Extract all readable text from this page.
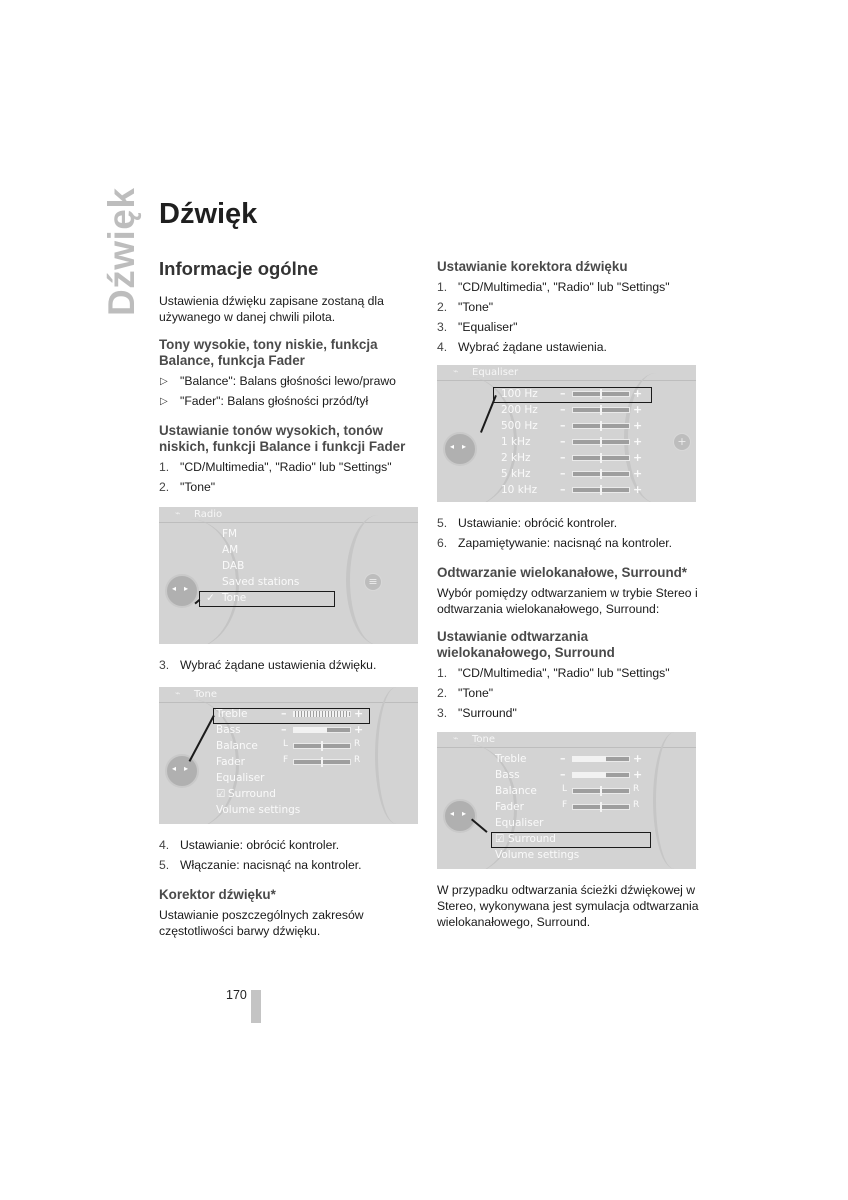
Dźwięk Dźwięk
Informacje ogólne

Ustawienia dźwięku zapisane zostaną dla używanego w danej chwili pilota.

Tony wysokie, tony niskie, funkcja Balance, funkcja Fader
▷ "Balance": Balans głośności lewo/prawo
▷ "Fader": Balans głośności przód/tył
Ustawianie tonów wysokich, tonów niskich, funkcji Balance i funkcji Fader
1. "CD/Multimedia", "Radio" lub "Settings"
2. "Tone"
⌁ Radio
◂ ▸
≡
FM
AM
DAB
Saved stations
✓ Tone
3. Wybrać żądane ustawienia dźwięku.
⌁ Tone
◂ ▸
Treble	–	+
Bass	–	+
Balance	L	R
Fader	F	R
Equaliser
☑ Surround
Volume settings
4. Ustawianie: obrócić kontroler.
5. Włączanie: nacisnąć na kontroler.
Korektor dźwięku*

Ustawianie poszczególnych zakresów częstotliwości barwy dźwięku.

Ustawianie korektora dźwięku
1. "CD/Multimedia", "Radio" lub "Settings"
2. "Tone"
3. "Equaliser"
4. Wybrać żądane ustawienia.
⌁ Equaliser
◂ ▸	+
100 Hz –	+
200 Hz –	+
500 Hz –	+
1 kHz	–	+
2 kHz	–	+
5 kHz	–	+
10 kHz –	+
5. Ustawianie: obrócić kontroler.
6. Zapamiętywanie: nacisnąć na kontroler.
Odtwarzanie wielokanałowe, Surround*

Wybór pomiędzy odtwarzaniem w trybie Stereo i odtwarzania wielokanałowego, Surround:

Ustawianie odtwarzania wielokanałowego, Surround
1. "CD/Multimedia", "Radio" lub "Settings"
2. "Tone"
3. "Surround"
⌁ Tone
◂ ▸
Treble	–	+
Bass	–	+
Balance	L	R
Fader	F	R
Equaliser
☑ Surround
Volume settings

W przypadku odtwarzania ścieżki dźwiękowej w Stereo, wykonywana jest symulacja odtwarzania wielokanałowego, Surround.

170
